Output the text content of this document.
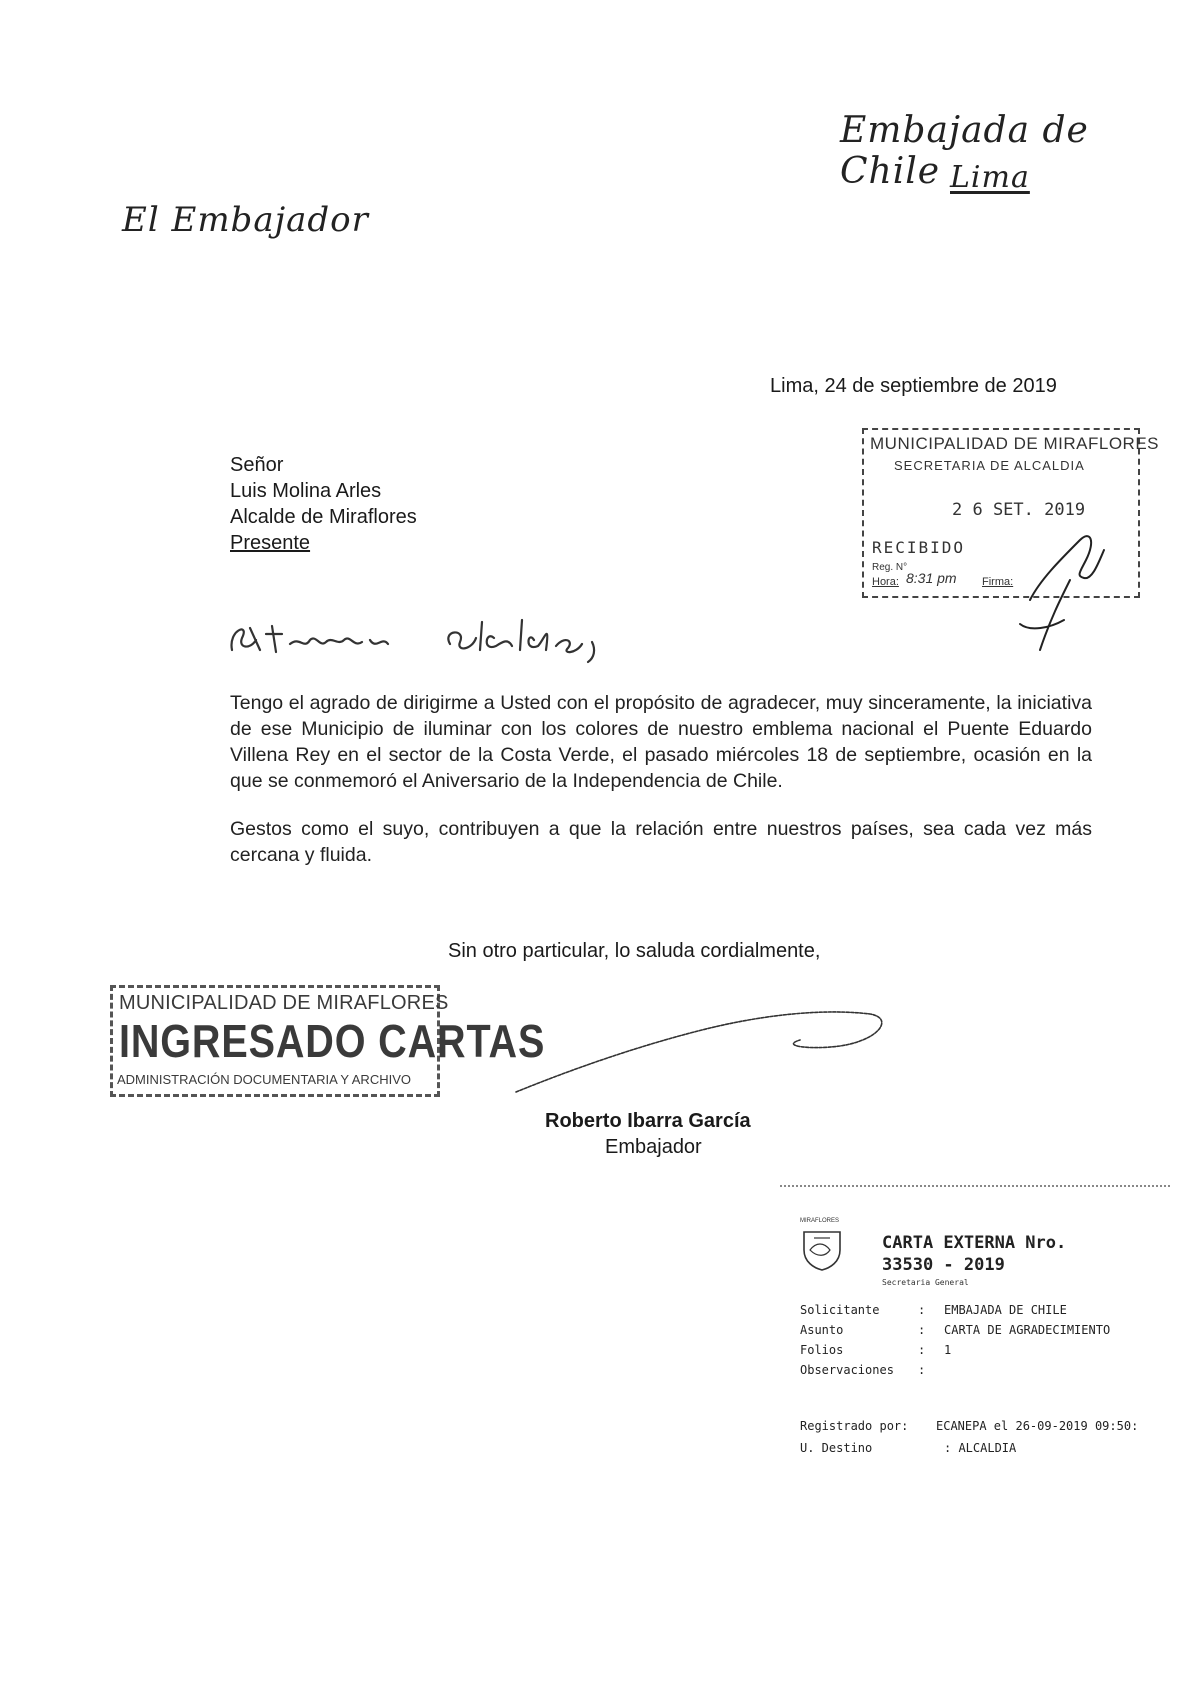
Embajada de Chile Lima
El Embajador
Lima, 24 de septiembre de 2019
Señor
Luis Molina Arles
Alcalde de Miraflores
Presente

Tengo el agrado de dirigirme a Usted con el propósito de agradecer, muy sinceramente, la iniciativa de ese Municipio de iluminar con los colores de nuestro emblema nacional el Puente Eduardo Villena Rey en el sector de la Costa Verde, el pasado miércoles 18 de septiembre, ocasión en la que se conmemoró el Aniversario de la Independencia de Chile.

Gestos como el suyo, contribuyen a que la relación entre nuestros países, sea cada vez más cercana y fluida.

Sin otro particular, lo saluda cordialmente,
Roberto Ibarra García
Embajador
MUNICIPALIDAD DE MIRAFLORES
SECRETARIA DE ALCALDIA
2 6 SET. 2019
RECIBIDO
Reg. N°
Hora: 8:31 pm Firma:
MUNICIPALIDAD DE MIRAFLORES
INGRESADO CARTAS
ADMINISTRACIÓN DOCUMENTARIA Y ARCHIVO
MIRAFLORES
CARTA EXTERNA Nro.
33530 - 2019
Secretaria General
Solicitante	:	EMBAJADA DE CHILE
Asunto	:	CARTA DE AGRADECIMIENTO
Folios	:	1
Observaciones	:
Registrado por:	ECANEPA el 26-09-2019 09:50:
U. Destino	: ALCALDIA
